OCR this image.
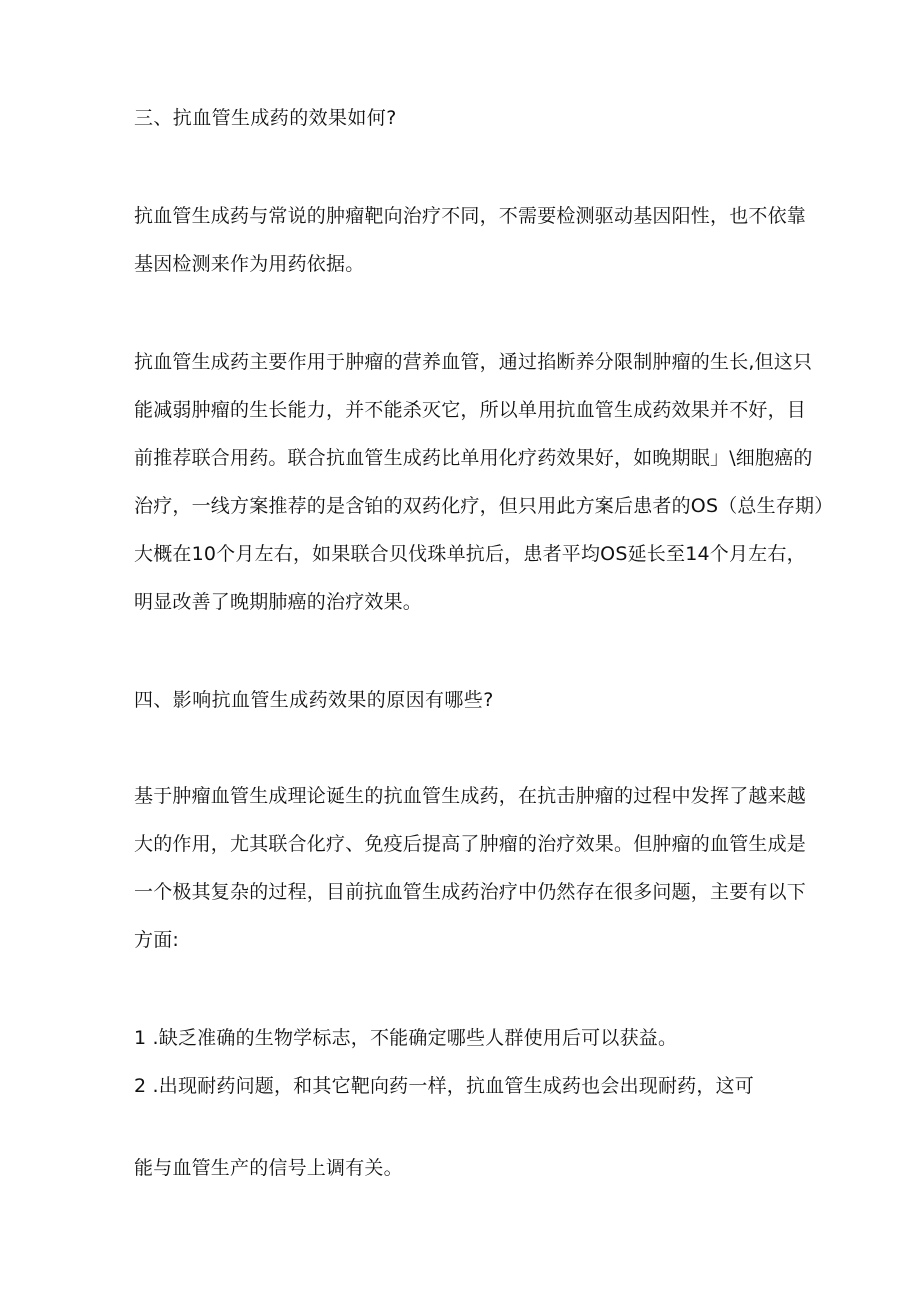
三、抗血管生成药的效果如何?
抗血管生成药与常说的肿瘤靶向治疗不同，不需要检测驱动基因阳性，也不依靠
基因检测来作为用药依据。
抗血管生成药主要作用于肿瘤的营养血管，通过掐断养分限制肿瘤的生长,但这只
能减弱肿瘤的生长能力，并不能杀灭它，所以单用抗血管生成药效果并不好，目
前推荐联合用药。联合抗血管生成药比单用化疗药效果好，如晚期眠」\细胞癌的
治疗，一线方案推荐的是含铂的双药化疗，但只用此方案后患者的OS（总生存期）
大概在10个月左右，如果联合贝伐珠单抗后，患者平均OS延长至14个月左右，
明显改善了晚期肺癌的治疗效果。
四、影响抗血管生成药效果的原因有哪些?
基于肿瘤血管生成理论诞生的抗血管生成药，在抗击肿瘤的过程中发挥了越来越
大的作用，尤其联合化疗、免疫后提高了肿瘤的治疗效果。但肿瘤的血管生成是
一个极其复杂的过程，目前抗血管生成药治疗中仍然存在很多问题，主要有以下
方面:
1 .缺乏准确的生物学标志，不能确定哪些人群使用后可以获益。
2 .出现耐药问题，和其它靶向药一样，抗血管生成药也会出现耐药，这可
能与血管生产的信号上调有关。
